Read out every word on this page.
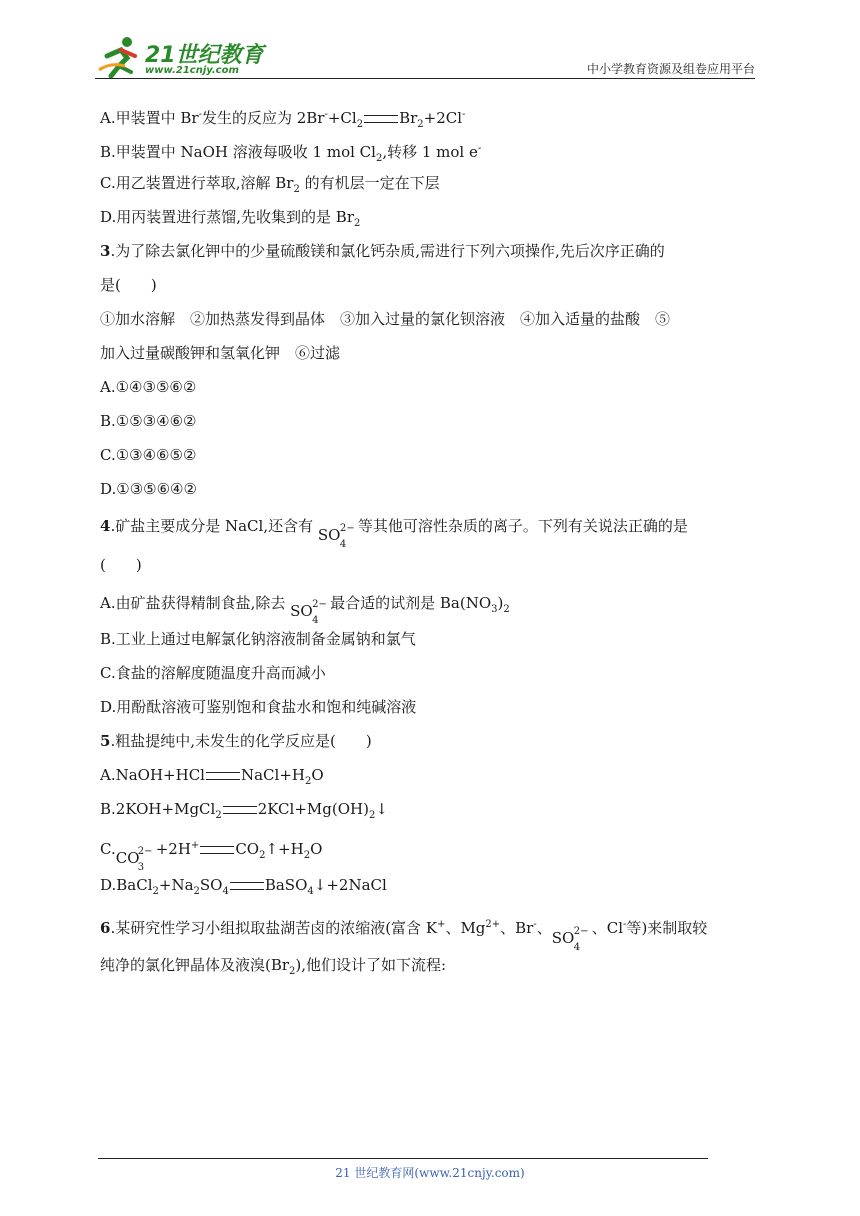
21世纪教育
www.21cnjy.com	中小学教育资源及组卷应用平台
A.甲装置中 Br-发生的反应为 $2Br^-+Cl_2$ $Br_2+2Cl^-$
B.甲装置中 NaOH 溶液每吸收 1 mol $Cl_2$,转移 1 mol e-
C.用乙装置进行萃取,溶解 $Br_2$ 的有机层一定在下层
D.用丙装置进行蒸馏,先收集到的是 $Br_2$
3.为了除去氯化钾中的少量硫酸镁和氯化钙杂质,需进行下列六项操作,先后次序正确的
是(　　)
①加水溶解　②加热蒸发得到晶体　③加入过量的氯化钡溶液　④加入适量的盐酸　⑤
加入过量碳酸钾和氢氧化钾　⑥过滤
A.①④③⑤⑥②
B.①⑤③④⑥②
C.①③④⑥⑤②
D.①③⑤⑥④②
4.矿盐主要成分是 NaCl,还含有 SO 2−
4
等其他可溶性杂质的离子。下列有关说法正确的是
(　　)
A.由矿盐获得精制食盐,除去 SO 2−
4
最合适的试剂是 $Ba(NO_3)_2$
B.工业上通过电解氯化钠溶液制备金属钠和氯气
C.食盐的溶解度随温度升高而减小
D.用酚酞溶液可鉴别饱和食盐水和饱和纯碱溶液
5.粗盐提纯中,未发生的化学反应是(　　)
A.NaOH+HCl $NaCl+H_2O$
B.2KOH+MgCl$_2$ $2KCl+Mg(OH)_2↓$
C. CO
2−
3
+2H+ $CO_2↑+H_2O$
$D.BaCl_2+Na_2SO_4$ BaSO$_4$↓+2NaCl
6.某研究性学习小组拟取盐湖苦卤的浓缩液(富含 K+、$Mg^{2+}$、Br-、
SO 2−
4
、Cl-等)来制取较
纯净的氯化钾晶体及液溴$(Br_2)$,他们设计了如下流程:
21 世纪教育网(www.21cnjy.com)
